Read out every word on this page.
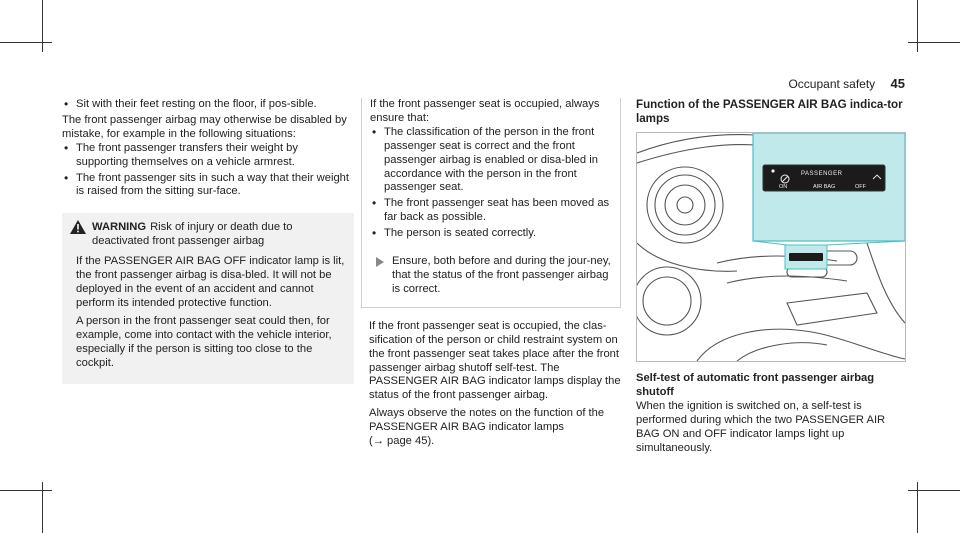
Occupant safety 45
• Sit with their feet resting on the floor, if pos-sible.

The front passenger airbag may otherwise be disabled by mistake, for example in the following situations:

• The front passenger transfers their weight by supporting themselves on a vehicle armrest.
• The front passenger sits in such a way that their weight is raised from the sitting sur-face.
WARNING Risk of injury or death due to deactivated front passenger airbag

If the PASSENGER AIR BAG OFF indicator lamp is lit, the front passenger airbag is disa-bled. It will not be deployed in the event of an accident and cannot perform its intended protective function.

A person in the front passenger seat could then, for example, come into contact with the vehicle interior, especially if the person is sitting too close to the cockpit.

If the front passenger seat is occupied, always ensure that:

• The classification of the person in the front passenger seat is correct and the front passenger airbag is enabled or disa-bled in accordance with the person in the front passenger seat.
• The front passenger seat has been moved as far back as possible.
• The person is seated correctly.
Ensure, both before and during the jour-ney, that the status of the front passenger airbag is correct.

If the front passenger seat is occupied, the clas-sification of the person or child restraint system on the front passenger seat takes place after the front passenger airbag shutoff self-test. The PASSENGER AIR BAG indicator lamps display the status of the front passenger airbag.

Always observe the notes on the function of the PASSENGER AIR BAG indicator lamps
(→ page 45).

Function of the PASSENGER AIR BAG indica-tor lamps
ON
PASSENGER
AIR BAG	OFF

Self-test of automatic front passenger airbag shutoff

When the ignition is switched on, a self-test is performed during which the two PASSENGER AIR BAG ON and OFF indicator lamps light up simultaneously.
